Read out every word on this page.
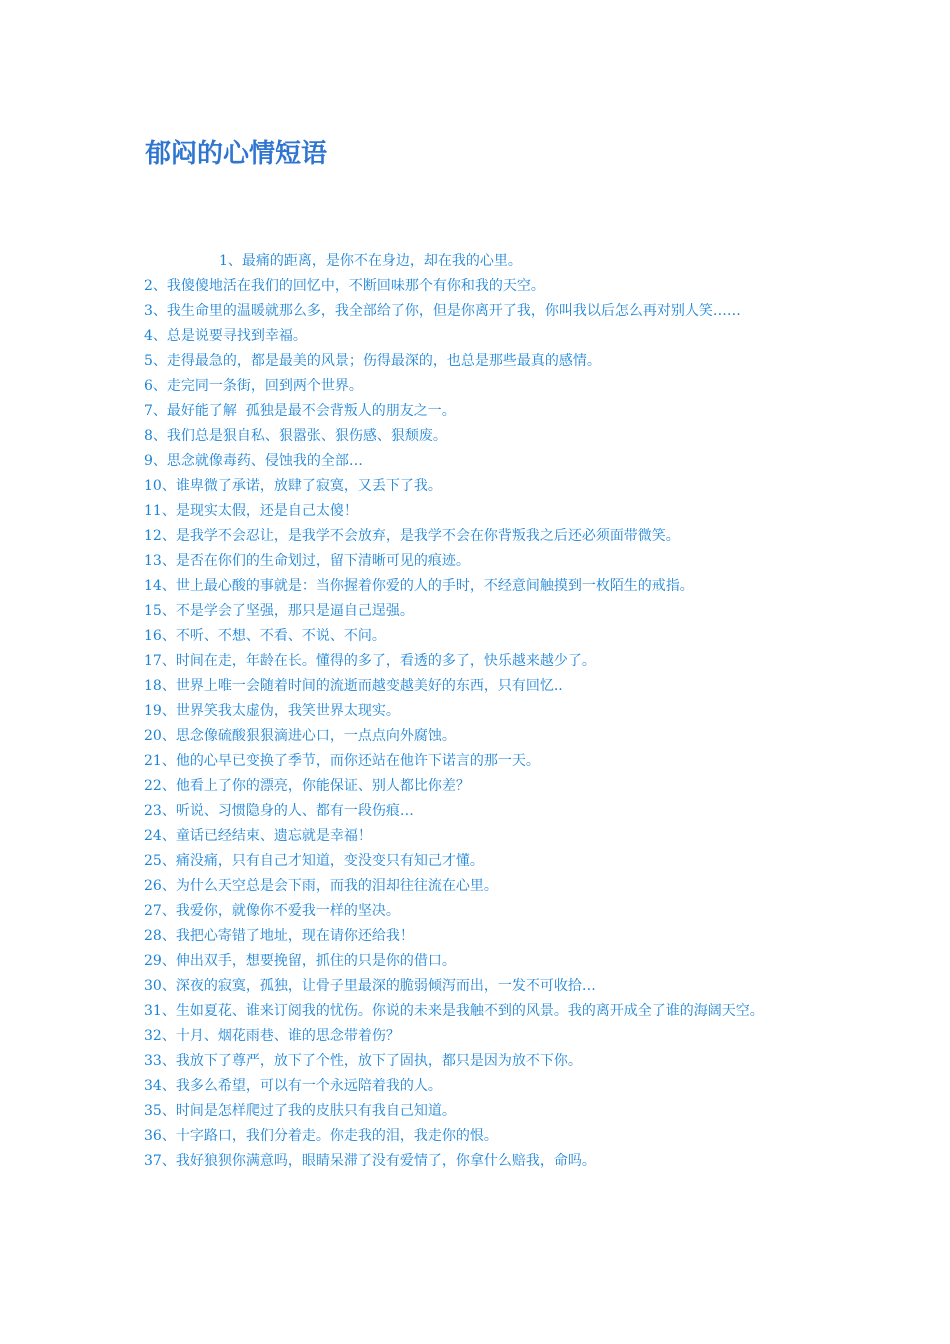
郁闷的心情短语

1、最痛的距离，是你不在身边，却在我的心里。

2、我傻傻地活在我们的回忆中，不断回味那个有你和我的天空。

3、我生命里的温暖就那么多，我全部给了你，但是你离开了我，你叫我以后怎么再对别人笑……

4、总是说要寻找到幸福。

5、走得最急的，都是最美的风景；伤得最深的，也总是那些最真的感情。

6、走完同一条街，回到两个世界。

7、最好能了解  孤独是最不会背叛人的朋友之一。

8、我们总是狠自私、狠嚣张、狠伤感、狠颓废。

9、思念就像毒药、侵蚀我的全部…

10、谁卑微了承诺，放肆了寂寞，又丢下了我。

11、是现实太假，还是自己太傻！

12、是我学不会忍让，是我学不会放弃，是我学不会在你背叛我之后还必须面带微笑。

13、是否在你们的生命划过，留下清晰可见的痕迹。

14、世上最心酸的事就是：当你握着你爱的人的手时，不经意间触摸到一枚陌生的戒指。

15、不是学会了坚强，那只是逼自己逞强。

16、不听、不想、不看、不说、不问。

17、时间在走，年龄在长。懂得的多了，看透的多了，快乐越来越少了。

18、世界上唯一会随着时间的流逝而越变越美好的东西，只有回忆..

19、世界笑我太虚伪，我笑世界太现实。

20、思念像硫酸狠狠滴进心口，一点点向外腐蚀。

21、他的心早已变换了季节，而你还站在他许下诺言的那一天。

22、他看上了你的漂亮，你能保证、别人都比你差？

23、听说、习惯隐身的人、都有一段伤痕…

24、童话已经结束、遗忘就是幸福！

25、痛没痛，只有自己才知道，变没变只有知己才懂。

26、为什么天空总是会下雨，而我的泪却往往流在心里。

27、我爱你，就像你不爱我一样的坚决。

28、我把心寄错了地址，现在请你还给我！

29、伸出双手，想要挽留，抓住的只是你的借口。

30、深夜的寂寞，孤独，让骨子里最深的脆弱倾泻而出，一发不可收拾…

31、生如夏花、谁来订阅我的忧伤。你说的未来是我触不到的风景。我的离开成全了谁的海阔天空。

32、十月、烟花雨巷、谁的思念带着伤？

33、我放下了尊严，放下了个性，放下了固执，都只是因为放不下你。

34、我多么希望，可以有一个永远陪着我的人。

35、时间是怎样爬过了我的皮肤只有我自己知道。

36、十字路口，我们分着走。你走我的泪，我走你的恨。

37、我好狼狈你满意吗，眼睛呆滞了没有爱情了，你拿什么赔我，命吗。
